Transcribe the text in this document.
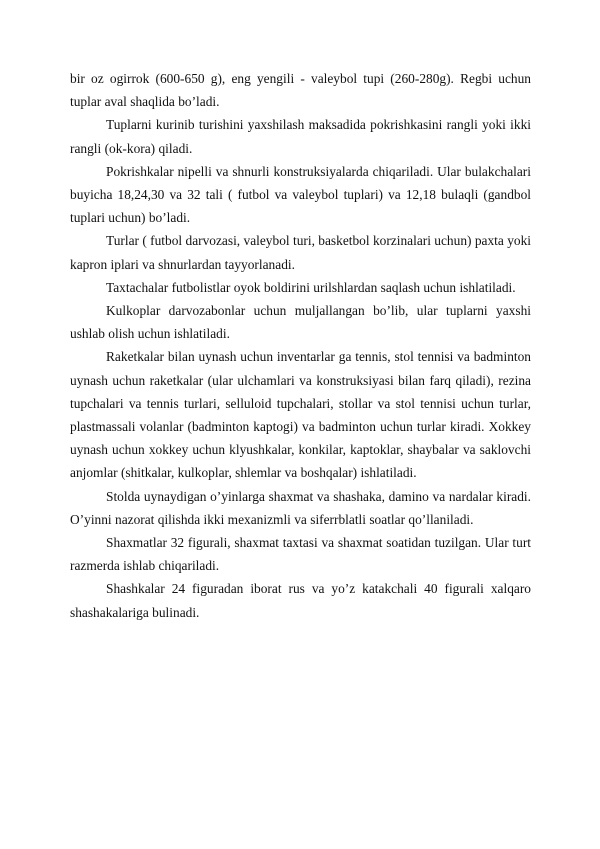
bir oz ogirrok (600-650 g), eng yengili - valeybol tupi (260-280g). Regbi uchun tuplar aval shaqlida bo’ladi.

Tuplarni kurinib turishini yaxshilash maksadida pokrishkasini rangli yoki ikki rangli (ok-kora) qiladi.

Pokrishkalar nipelli va shnurli konstruksiyalarda chiqariladi. Ular bulakchalari buyicha 18,24,30 va 32 tali ( futbol va valeybol tuplari) va 12,18 bulaqli (gandbol tuplari uchun) bo’ladi.

Turlar ( futbol darvozasi, valeybol turi, basketbol korzinalari uchun) paxta yoki kapron iplari va shnurlardan tayyorlanadi.

Taxtachalar futbolistlar oyok boldirini urilshlardan saqlash uchun ishlatiladi.

Kulkoplar darvozabonlar uchun muljallangan bo’lib, ular tuplarni yaxshi ushlab olish uchun ishlatiladi.

Raketkalar bilan uynash uchun inventarlar ga tennis, stol tennisi va badminton uynash uchun raketkalar (ular ulchamlari va konstruksiyasi bilan farq qiladi), rezina tupchalari va tennis turlari, selluloid tupchalari, stollar va stol tennisi uchun turlar, plastmassali volanlar (badminton kaptogi) va badminton uchun turlar kiradi. Xokkey uynash uchun xokkey uchun klyushkalar, konkilar, kaptoklar, shaybalar va saklovchi anjomlar (shitkalar, kulkoplar, shlemlar va boshqalar) ishlatiladi.

Stolda uynaydigan o’yinlarga shaxmat va shashaka, damino va nardalar kiradi. O’yinni nazorat qilishda ikki mexanizmli va siferrblatli soatlar qo’llaniladi.

Shaxmatlar 32 figurali, shaxmat taxtasi va shaxmat soatidan tuzilgan. Ular turt razmerda ishlab chiqariladi.

Shashkalar 24 figuradan iborat rus va yo’z katakchali 40 figurali xalqaro shashakalariga bulinadi.
